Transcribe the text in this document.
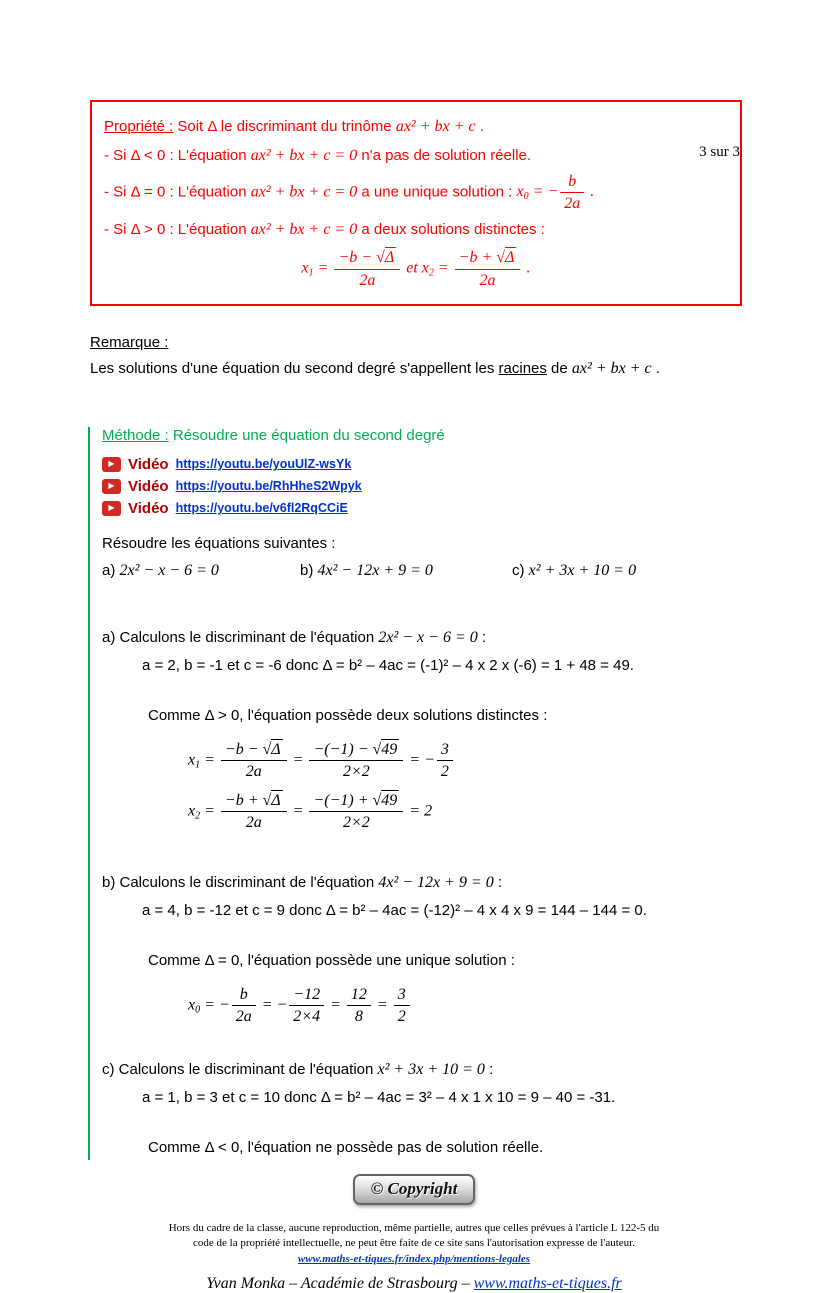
3 sur 3

Propriété : Soit Δ le discriminant du trinôme ax² + bx + c .

- Si Δ < 0 : L'équation ax² + bx + c = 0 n'a pas de solution réelle.

- Si Δ = 0 : L'équation ax² + bx + c = 0 a une unique solution : $x_0$ = − $\frac{b}{2a}$ .

- Si Δ > 0 : L'équation ax² + bx + c = 0 a deux solutions distinctes :

$x_1 = \frac{-b - √\Delta}{2a}$ et $x_2 = \frac{-b + √\Delta}{2a}$ .

Remarque :

Les solutions d'une équation du second degré s'appellent les racines de ax² + bx + c .

Méthode : Résoudre une équation du second degré

▶ Vidéo https://youtu.be/youUlZ-wsYk
▶ Vidéo https://youtu.be/RhHheS2Wpyk
▶ Vidéo https://youtu.be/v6fl2RqCCiE

Résoudre les équations suivantes :

a) 2x² − x − 6 = 0	b) 4x² − 12x + 9 = 0	c) x² + 3x + 10 = 0

a) Calculons le discriminant de l'équation 2x² − x − 6 = 0 :

a = 2, b = -1 et c = -6 donc Δ = b² – 4ac = (-1)² – 4 x 2 x (-6) = 1 + 48 = 49.

Comme Δ > 0, l'équation possède deux solutions distinctes :

$x_1 = \frac{-b - √\Delta}{2a} = \frac{-(-1) - √49}{2\times 2}$ = − $\frac{3}{2}$

$x_2 = \frac{-b + √\Delta}{2a} = \frac{-(-1) + √49}{2\times 2} = 2$

b) Calculons le discriminant de l'équation 4x² − 12x + 9 = 0 :

a = 4, b = -12 et c = 9 donc Δ = b² – 4ac = (-12)² – 4 x 4 x 9 = 144 – 144 = 0.

Comme Δ = 0, l'équation possède une unique solution :

$x_0$ = − $\frac{b}{2a}$ = − $\frac{-12}{2\times 4} = \frac{12}{8} = \frac{3}{2}$

c) Calculons le discriminant de l'équation x² + 3x + 10 = 0 :

a = 1, b = 3 et c = 10 donc Δ = b² – 4ac = 3² – 4 x 1 x 10 = 9 – 40 = -31.

Comme Δ < 0, l'équation ne possède pas de solution réelle.

© Copyright
Hors du cadre de la classe, aucune reproduction, même partielle, autres que celles prévues à l'article L 122-5 du
code de la propriété intellectuelle, ne peut être faite de ce site sans l'autorisation expresse de l'auteur.
www.maths-et-tiques.fr/index.php/mentions-legales
Yvan Monka – Académie de Strasbourg – www.maths-et-tiques.fr
